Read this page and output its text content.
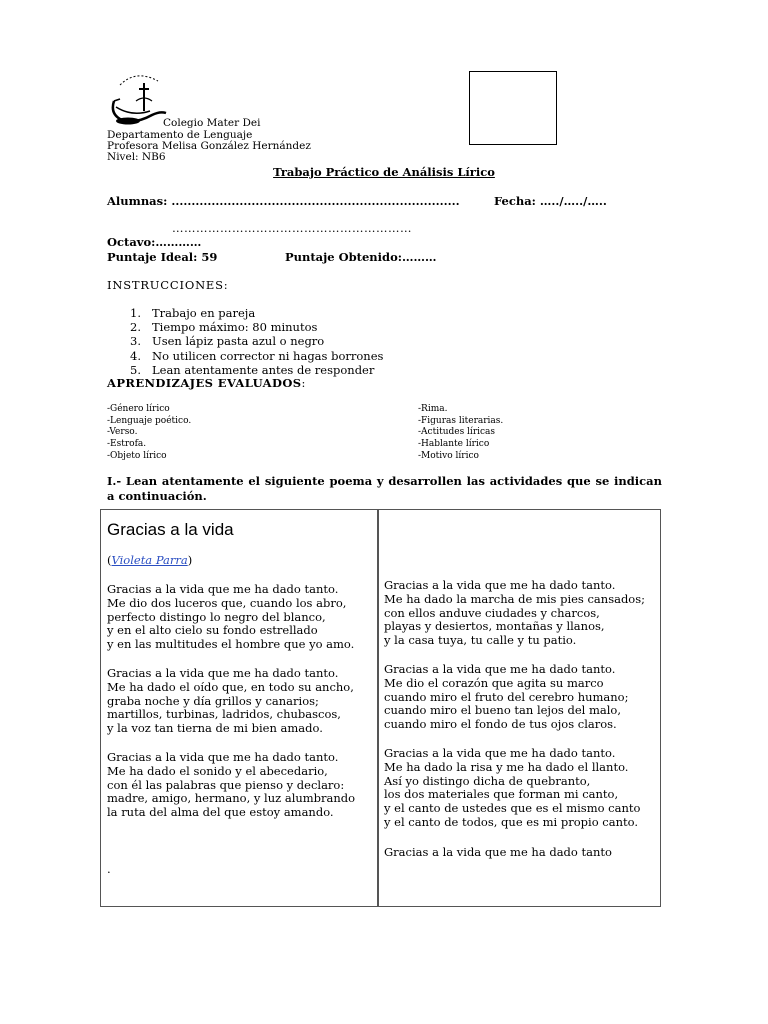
Colegio Mater Dei
Departamento de Lenguaje
Profesora Melisa González Hernández
Nivel: NB6
Trabajo Práctico de Análisis Lírico
Alumnas: ........................................................................	Fecha: …../…../…..
……………………………………………………
Octavo:…………
Puntaje Ideal: 59	Puntaje Obtenido:………
INSTRUCCIONES:
1. Trabajo en pareja
2. Tiempo máximo: 80 minutos
3. Usen lápiz pasta azul o negro
4. No utilicen corrector ni hagas borrones
5. Lean atentamente antes de responder
APRENDIZAJES EVALUADOS:
-Género lírico
-Lenguaje poético.
-Verso.
-Estrofa.
-Objeto lírico
-Rima.
-Figuras literarias.
-Actitudes líricas
-Hablante lírico
-Motivo lírico
I.- Lean atentamente el siguiente poema y desarrollen las actividades que se indican a continuación.
Gracias a la vida
(Violeta Parra)
Gracias a la vida que me ha dado tanto.
Me dio dos luceros que, cuando los abro,
perfecto distingo lo negro del blanco,
y en el alto cielo su fondo estrellado
y en las multitudes el hombre que yo amo.
Gracias a la vida que me ha dado tanto.
Me ha dado el oído que, en todo su ancho,
graba noche y día grillos y canarios;
martillos, turbinas, ladridos, chubascos,
y la voz tan tierna de mi bien amado.
Gracias a la vida que me ha dado tanto.
Me ha dado el sonido y el abecedario,
con él las palabras que pienso y declaro:
madre, amigo, hermano, y luz alumbrando
la ruta del alma del que estoy amando.
.
Gracias a la vida que me ha dado tanto.
Me ha dado la marcha de mis pies cansados;
con ellos anduve ciudades y charcos,
playas y desiertos, montañas y llanos,
y la casa tuya, tu calle y tu patio.
Gracias a la vida que me ha dado tanto.
Me dio el corazón que agita su marco
cuando miro el fruto del cerebro humano;
cuando miro el bueno tan lejos del malo,
cuando miro el fondo de tus ojos claros.
Gracias a la vida que me ha dado tanto.
Me ha dado la risa y me ha dado el llanto.
Así yo distingo dicha de quebranto,
los dos materiales que forman mi canto,
y el canto de ustedes que es el mismo canto
y el canto de todos, que es mi propio canto.
Gracias a la vida que me ha dado tanto
